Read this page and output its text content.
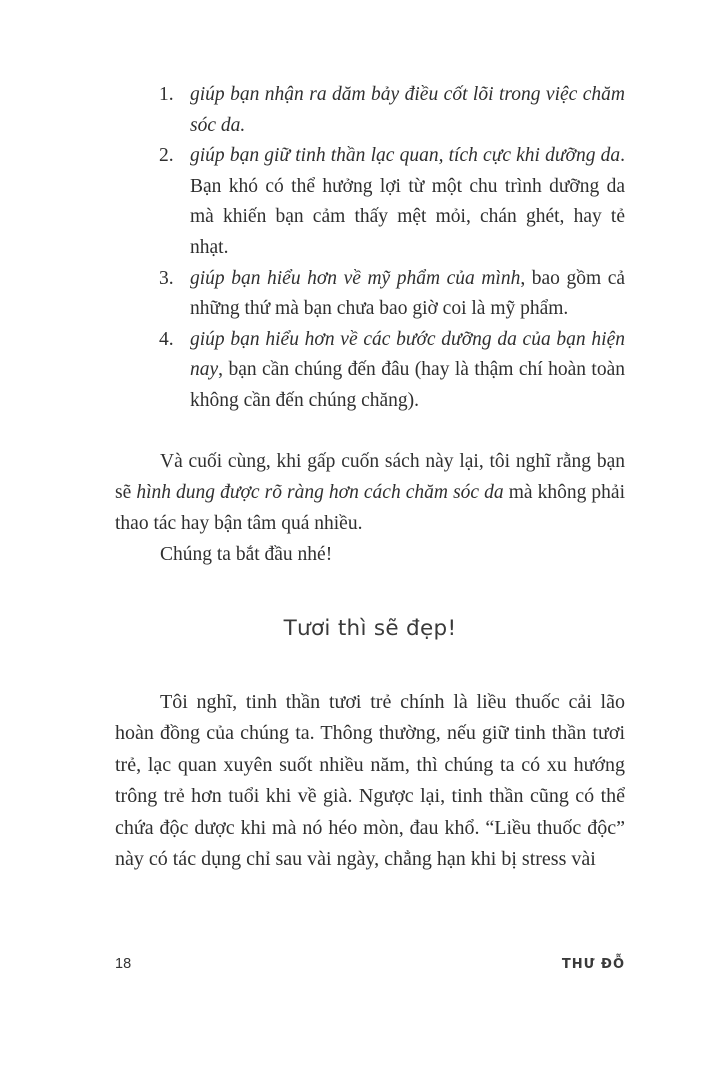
1. giúp bạn nhận ra dăm bảy điều cốt lõi trong việc chăm sóc da.
2. giúp bạn giữ tinh thần lạc quan, tích cực khi dưỡng da. Bạn khó có thể hưởng lợi từ một chu trình dưỡng da mà khiến bạn cảm thấy mệt mỏi, chán ghét, hay tẻ nhạt.
3. giúp bạn hiểu hơn về mỹ phẩm của mình, bao gồm cả những thứ mà bạn chưa bao giờ coi là mỹ phẩm.
4. giúp bạn hiểu hơn về các bước dưỡng da của bạn hiện nay, bạn cần chúng đến đâu (hay là thậm chí hoàn toàn không cần đến chúng chăng).

Và cuối cùng, khi gấp cuốn sách này lại, tôi nghĩ rằng bạn sẽ hình dung được rõ ràng hơn cách chăm sóc da mà không phải thao tác hay bận tâm quá nhiều.

Chúng ta bắt đầu nhé!

Tươi thì sẽ đẹp!

Tôi nghĩ, tinh thần tươi trẻ chính là liều thuốc cải lão hoàn đồng của chúng ta. Thông thường, nếu giữ tinh thần tươi trẻ, lạc quan xuyên suốt nhiều năm, thì chúng ta có xu hướng trông trẻ hơn tuổi khi về già. Ngược lại, tinh thần cũng có thể chứa độc dược khi mà nó héo mòn, đau khổ. “Liều thuốc độc” này có tác dụng chỉ sau vài ngày, chẳng hạn khi bị stress vài

18	THƯ ĐỖ
